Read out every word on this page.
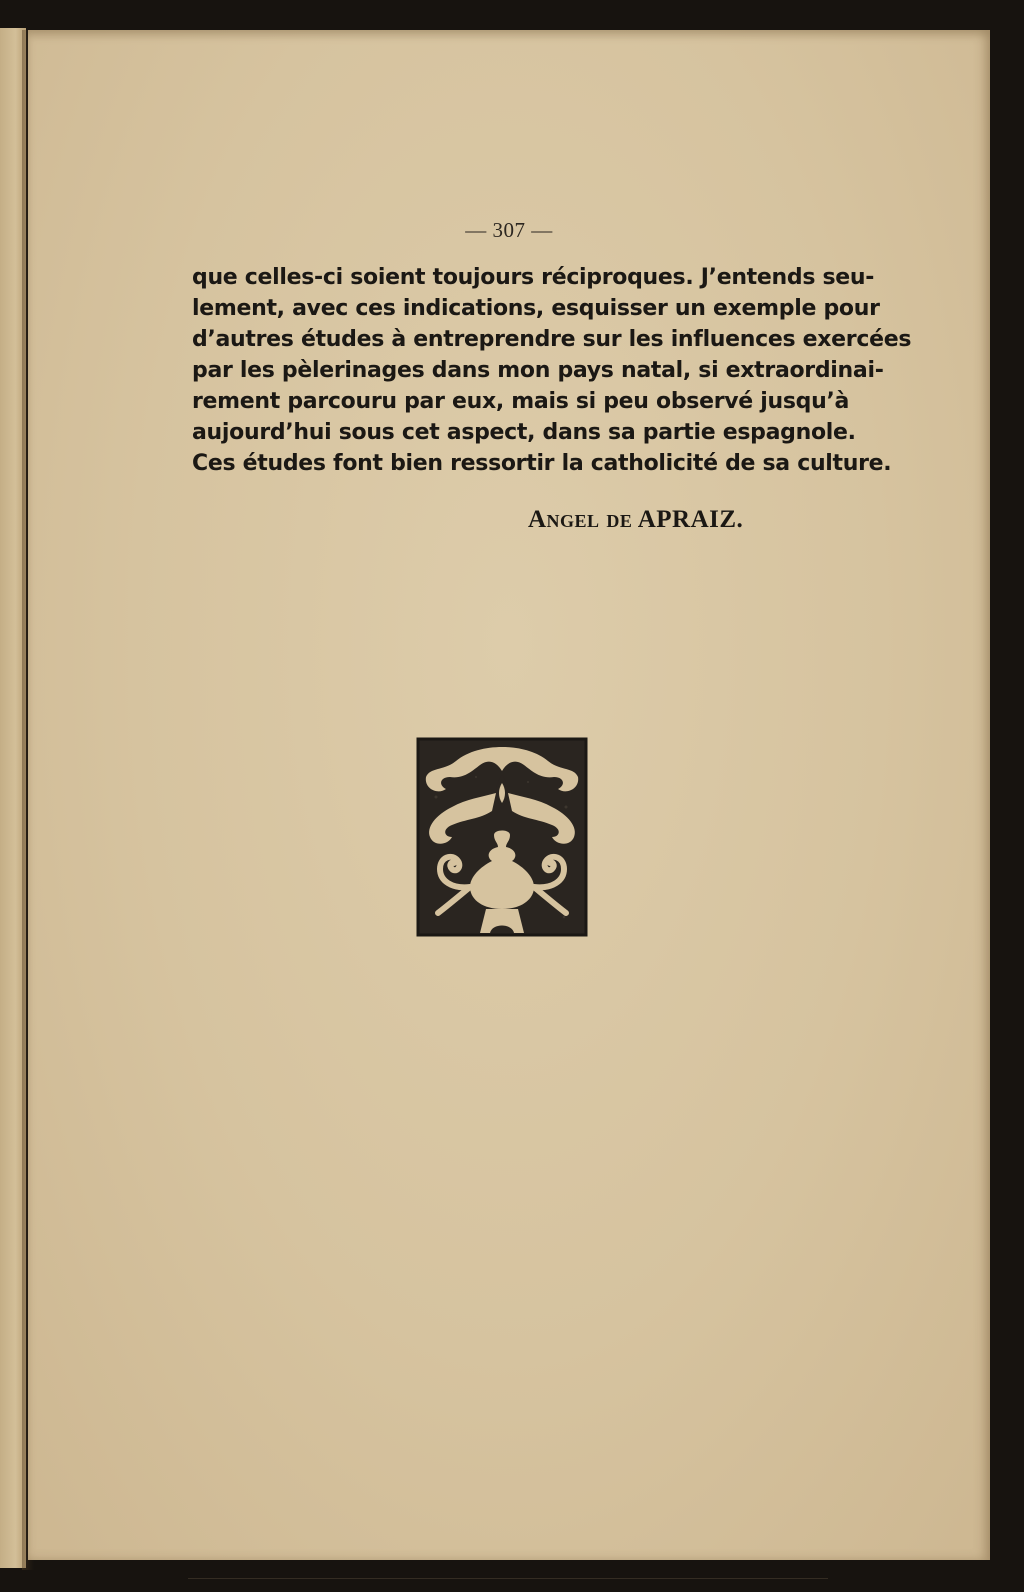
— 307 —

que celles-ci soient toujours réciproques. J’entends seu-
lement, avec ces indications, esquisser un exemple pour
d’autres études à entreprendre sur les influences exercées
par les pèlerinages dans mon pays natal, si extraordinai-
rement parcouru par eux, mais si peu observé jusqu’à
aujourd’hui sous cet aspect, dans sa partie espagnole.
Ces études font bien ressortir la catholicité de sa culture.

Angel de APRAIZ.
